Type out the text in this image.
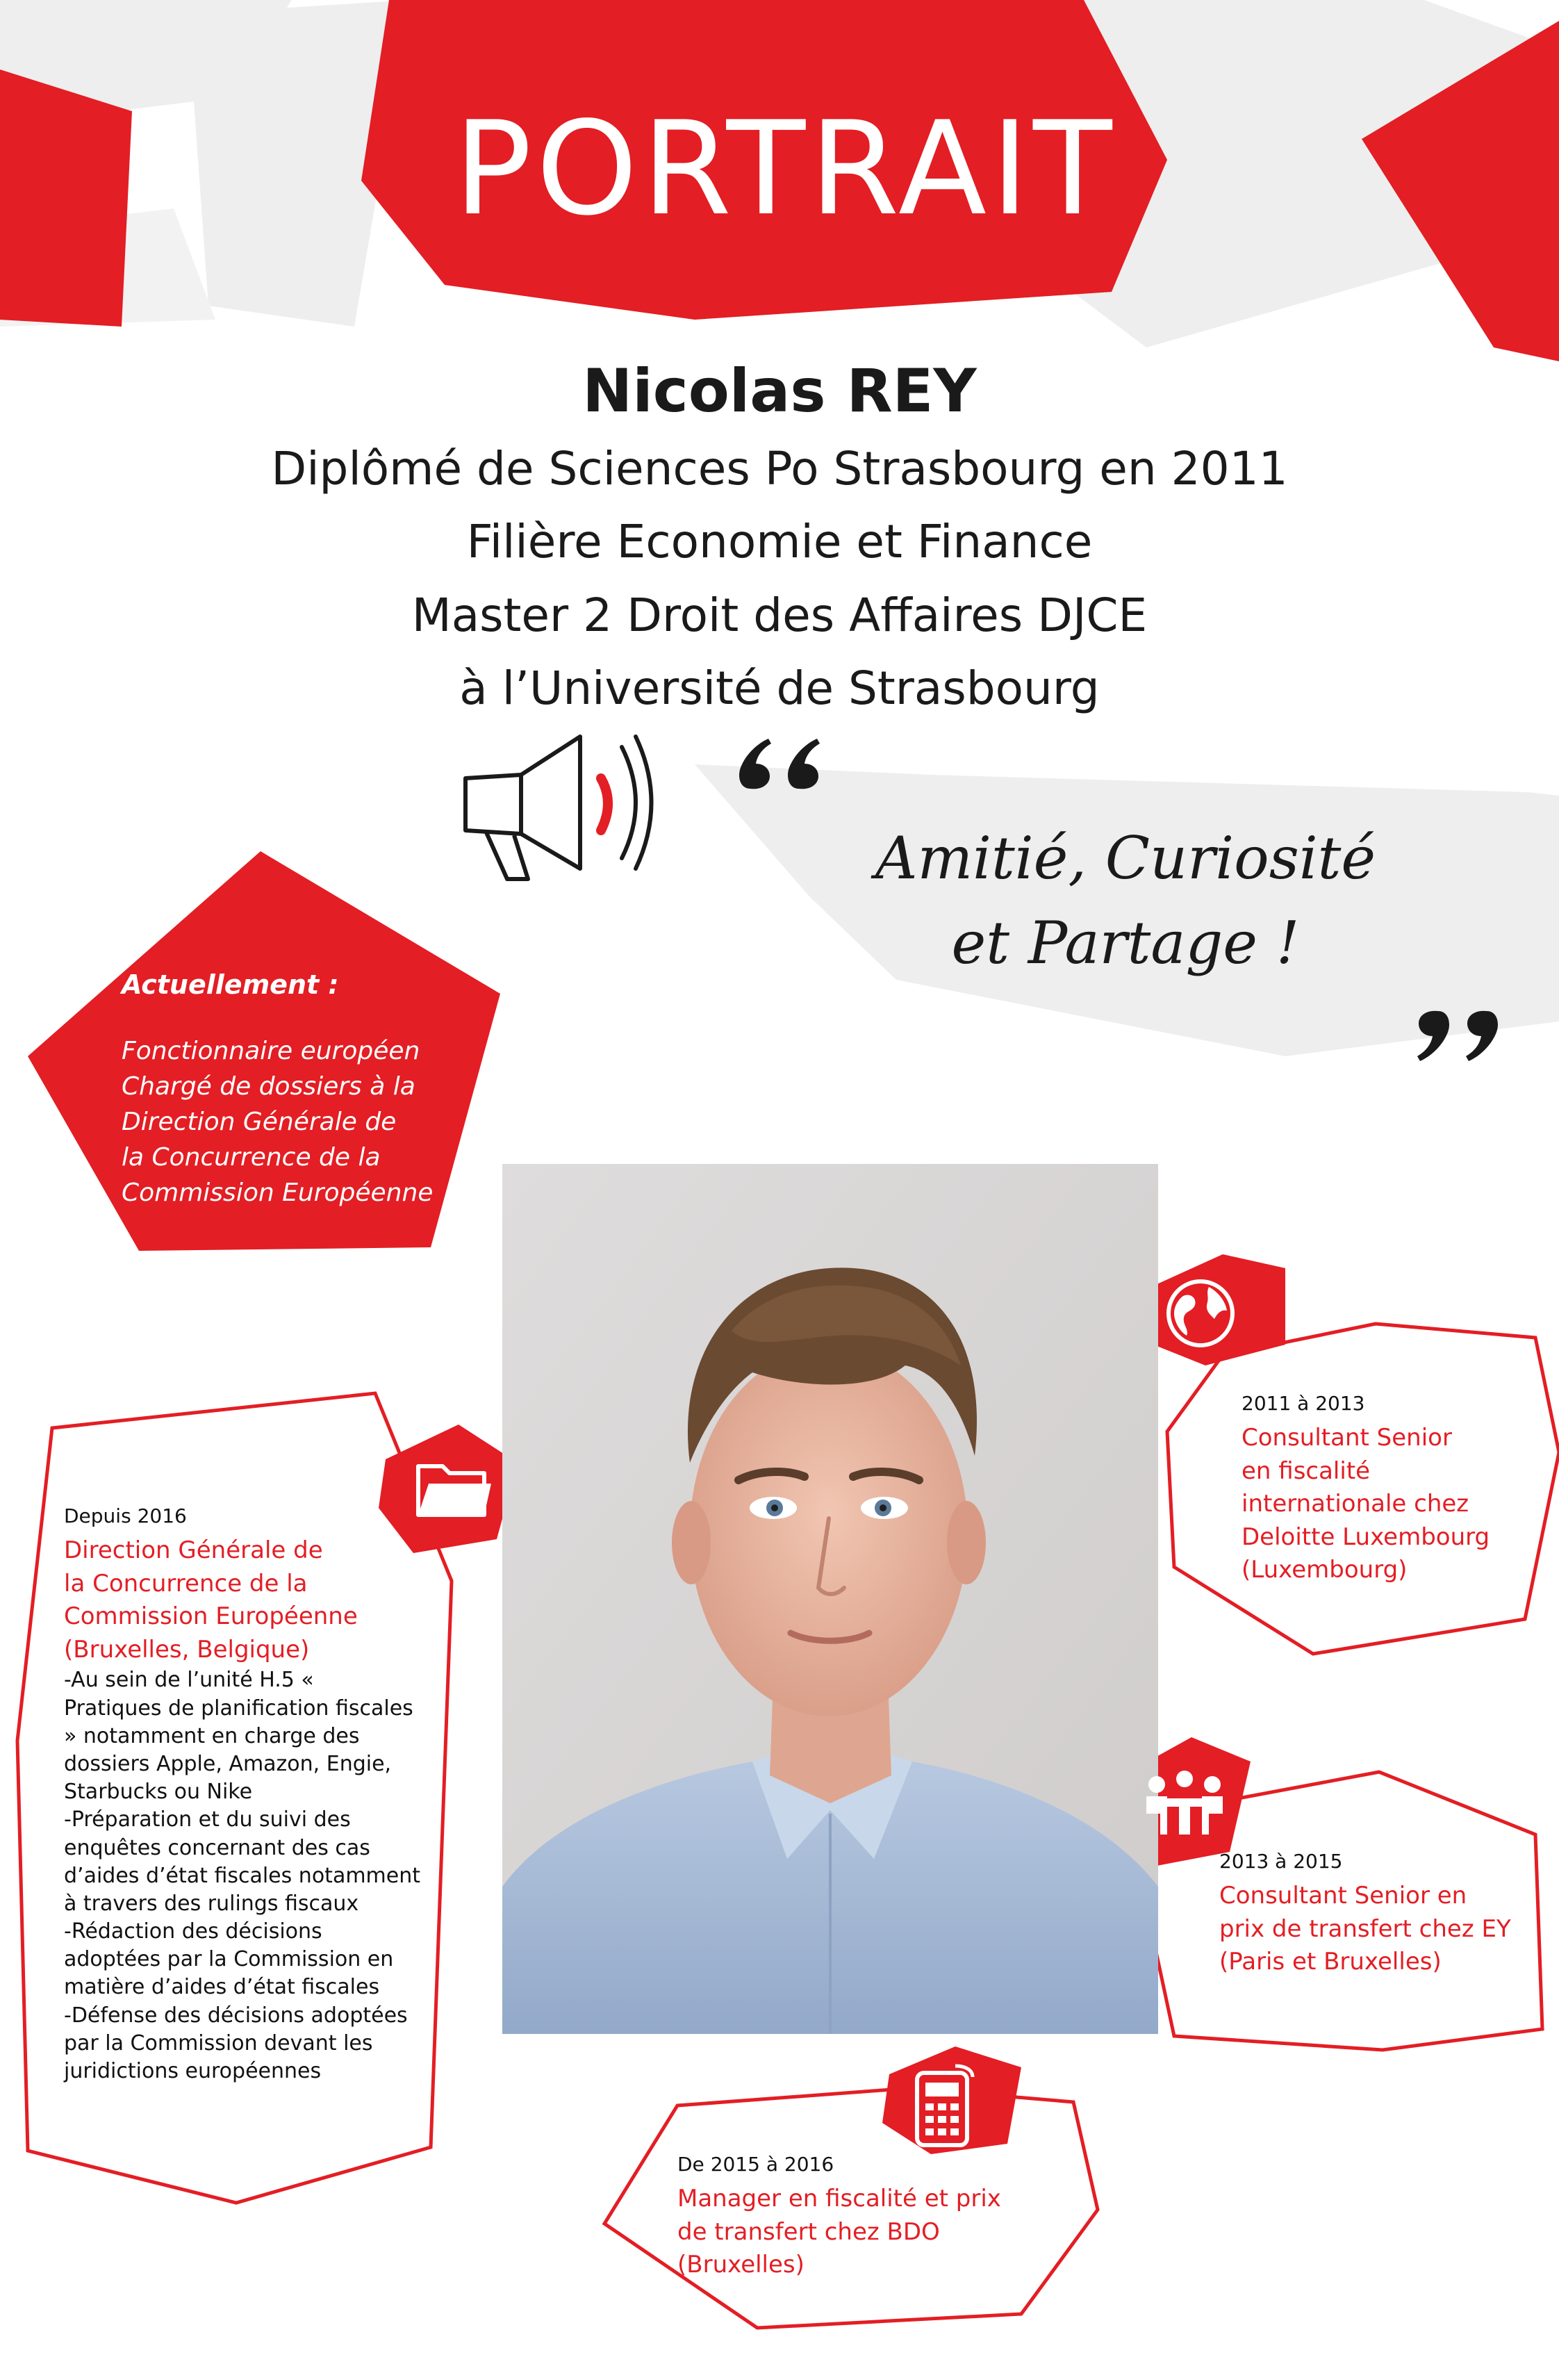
PORTRAIT
Nicolas REY
Diplômé de Sciences Po Strasbourg en 2011
Filière Economie et Finance
Master 2 Droit des Affaires DJCE
à l’Université de Strasbourg
Amitié, Curiosité
et Partage !
Actuellement :
Fonctionnaire européen
Chargé de dossiers à la
Direction Générale de
la Concurrence de la
Commission Européenne
Depuis 2016
Direction Générale de
la Concurrence de la
Commission Européenne
(Bruxelles, Belgique)
-Au sein de l’unité H.5 «
Pratiques de planification fiscales
» notamment en charge des
dossiers Apple, Amazon, Engie,
Starbucks ou Nike
-Préparation et du suivi des
enquêtes concernant des cas
d’aides d’état fiscales notamment
à travers des rulings fiscaux
-Rédaction des décisions
adoptées par la Commission en
matière d’aides d’état fiscales
-Défense des décisions adoptées
par la Commission devant les
juridictions européennes
2011 à 2013
Consultant Senior
en fiscalité
internationale chez
Deloitte Luxembourg
(Luxembourg)
2013 à 2015
Consultant Senior en
prix de transfert chez EY
(Paris et Bruxelles)
De 2015 à 2016
Manager en fiscalité et prix
de transfert chez BDO
(Bruxelles)
